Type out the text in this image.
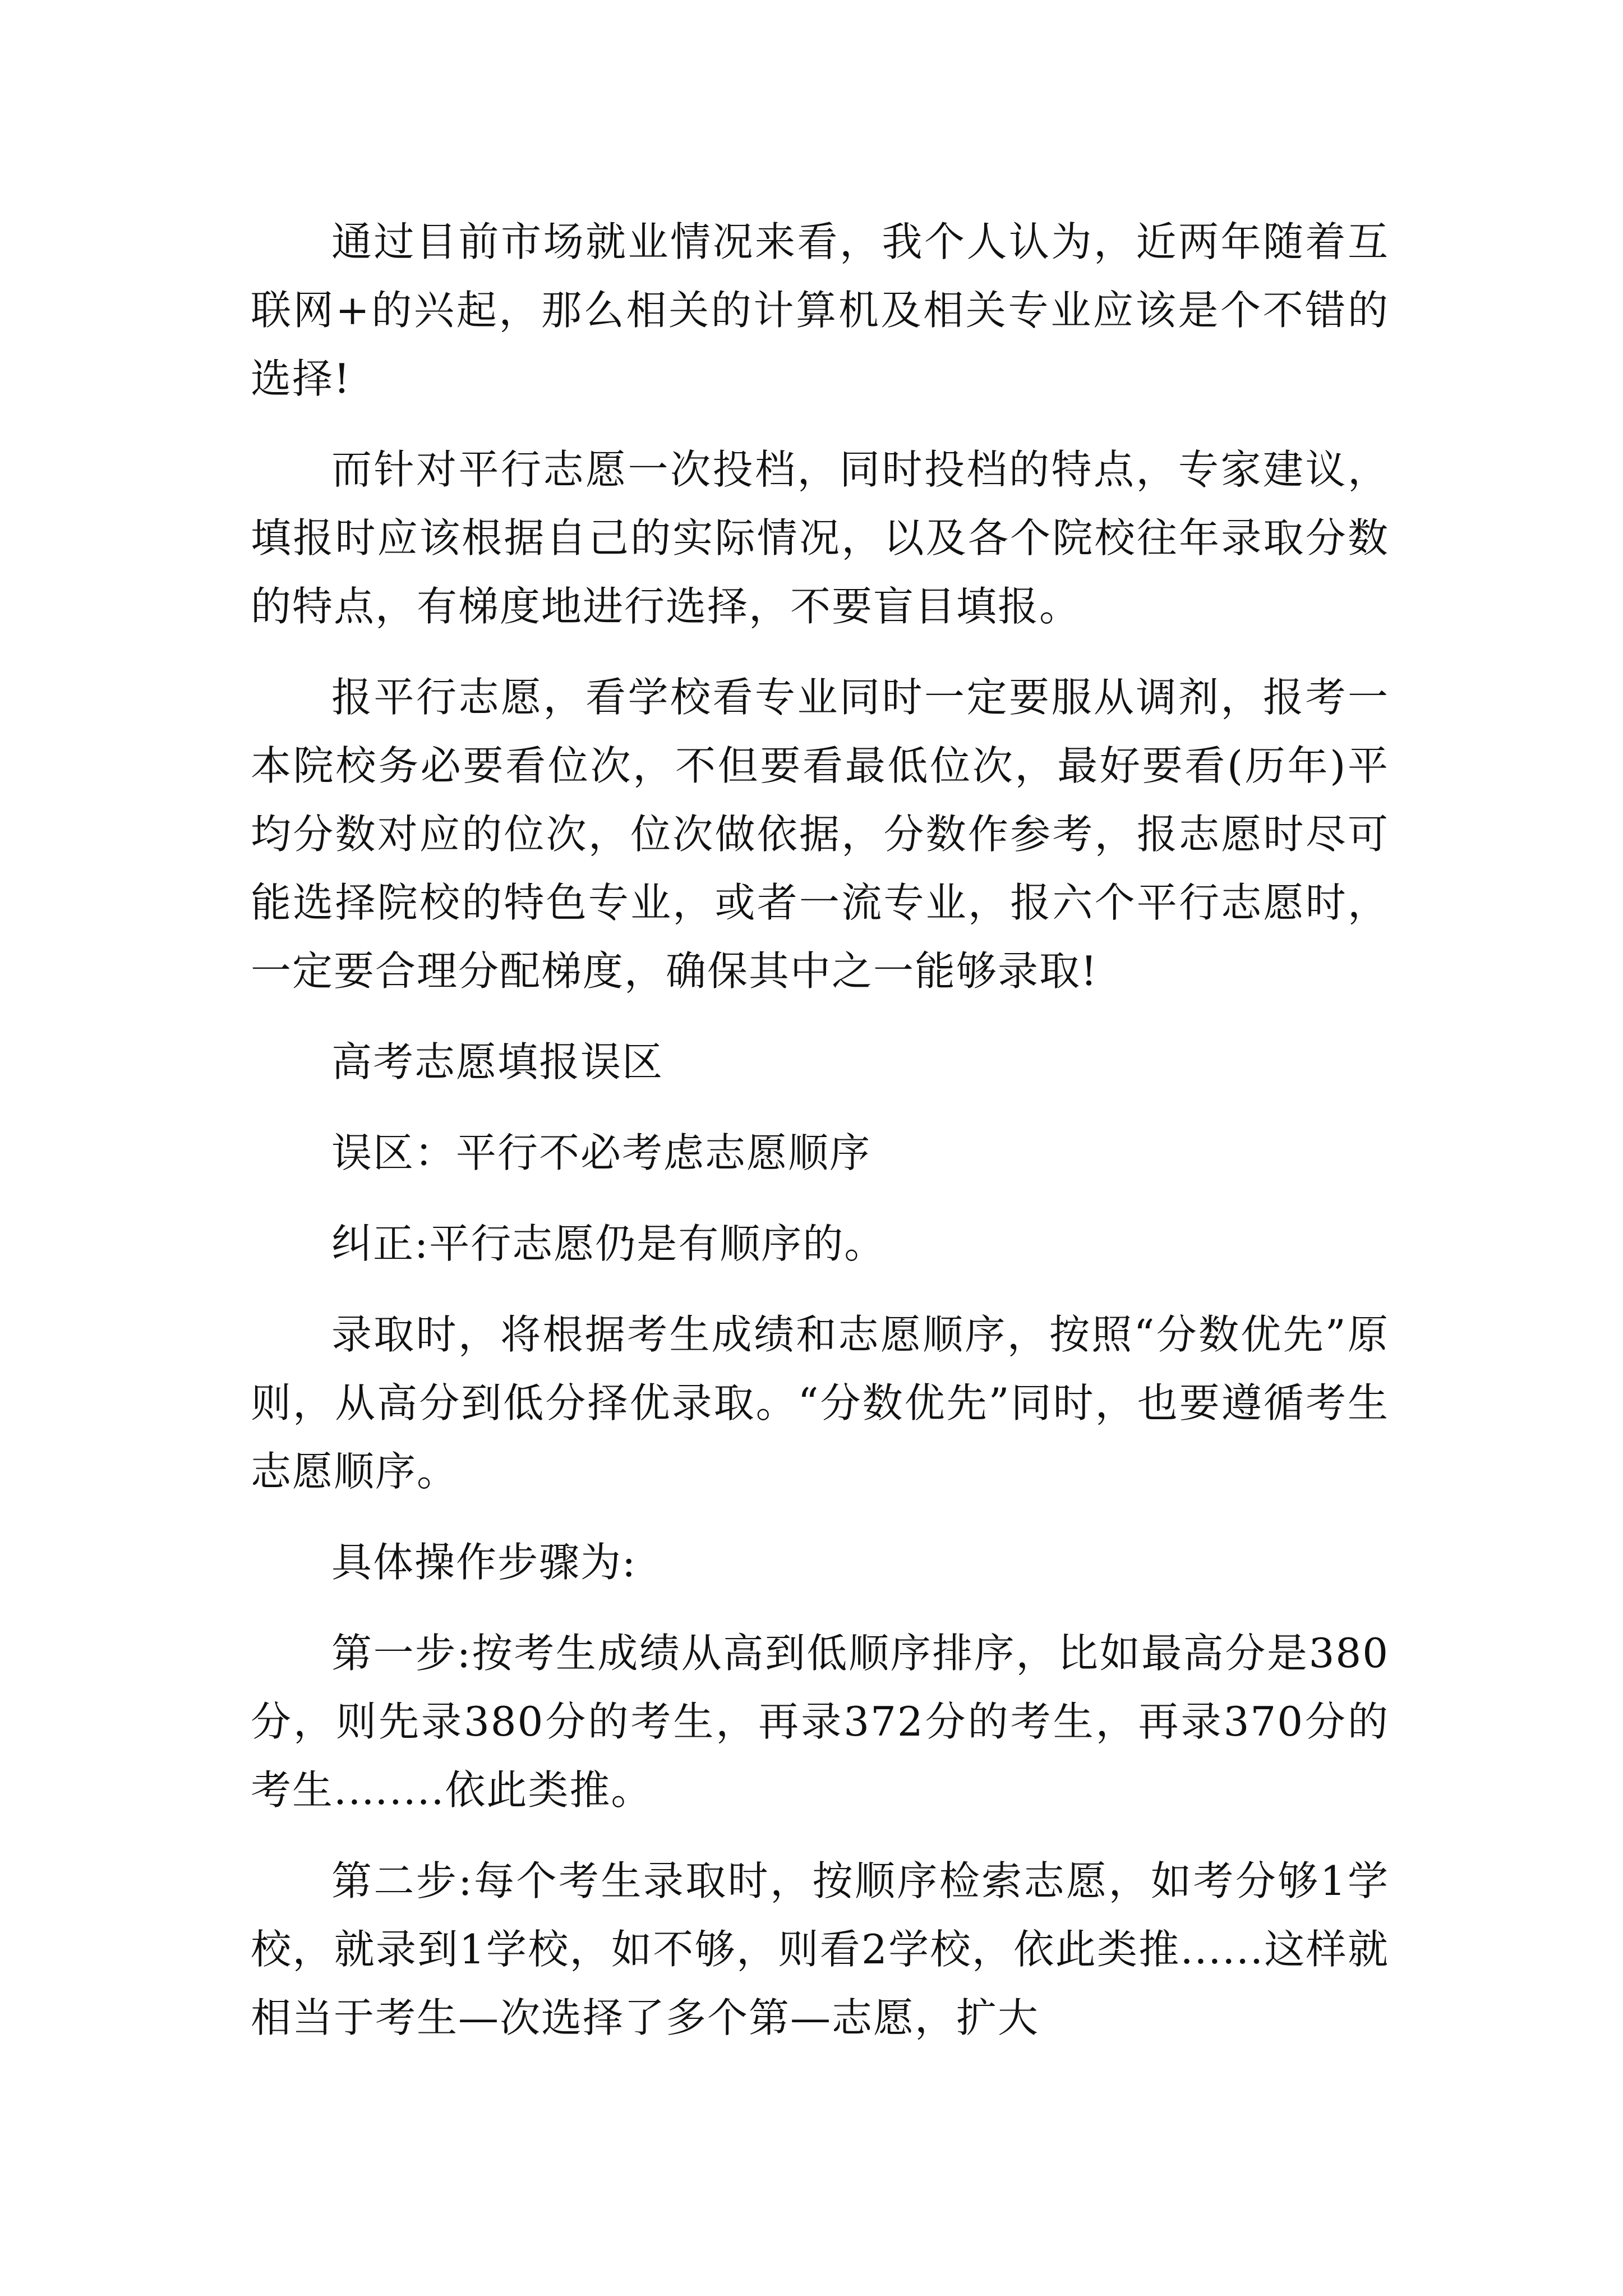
通过目前市场就业情况来看，我个人认为，近两年随着互联网+的兴起，那么相关的计算机及相关专业应该是个不错的选择!

而针对平行志愿一次投档，同时投档的特点，专家建议，填报时应该根据自己的实际情况，以及各个院校往年录取分数的特点，有梯度地进行选择，不要盲目填报。

报平行志愿，看学校看专业同时一定要服从调剂，报考一本院校务必要看位次，不但要看最低位次，最好要看(历年)平均分数对应的位次，位次做依据，分数作参考，报志愿时尽可能选择院校的特色专业，或者一流专业，报六个平行志愿时，一定要合理分配梯度，确保其中之一能够录取!

高考志愿填报误区

误区：平行不必考虑志愿顺序

纠正:平行志愿仍是有顺序的。

录取时，将根据考生成绩和志愿顺序，按照“分数优先”原则，从高分到低分择优录取。“分数优先”同时，也要遵循考生志愿顺序。

具体操作步骤为:

第一步:按考生成绩从高到低顺序排序，比如最高分是380分，则先录380分的考生，再录372分的考生，再录370分的考生.…....依此类推。

第二步:每个考生录取时，按顺序检索志愿，如考分够1学校，就录到1学校，如不够，则看2学校，依此类推......这样就相当于考生—次选择了多个第—志愿，扩大
